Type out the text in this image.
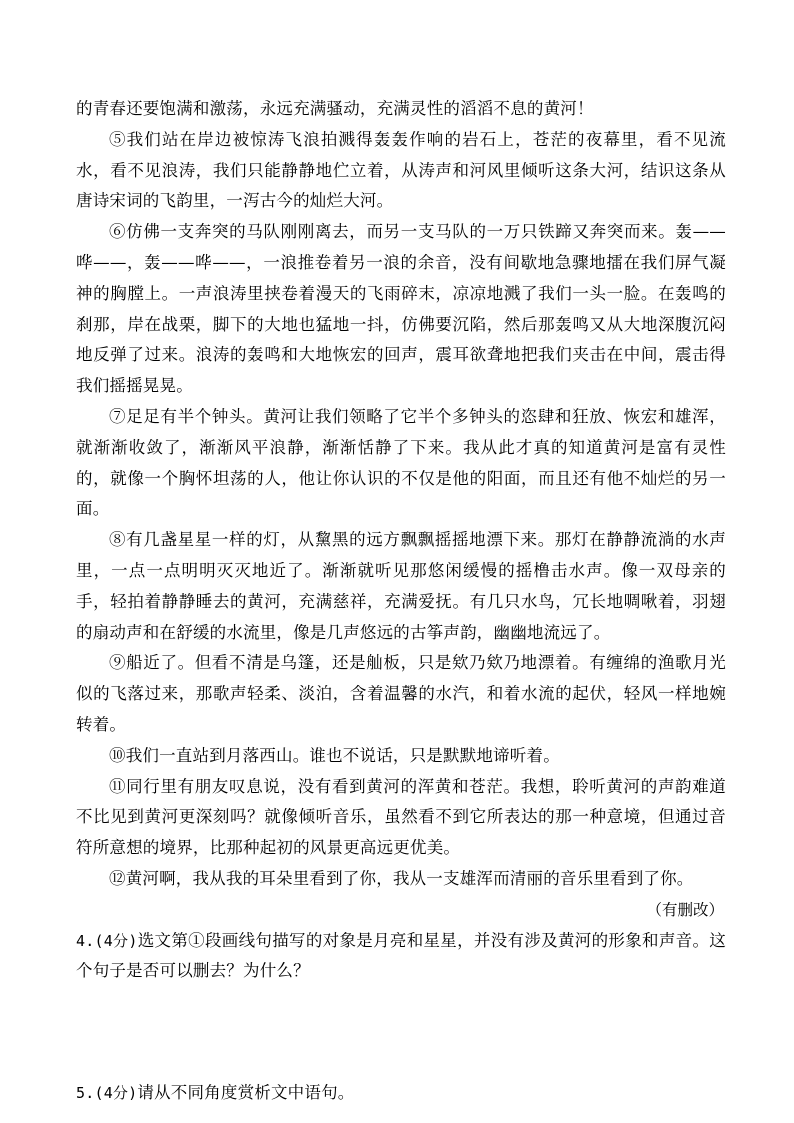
的青春还要饱满和激荡，永远充满骚动，充满灵性的滔滔不息的黄河！

⑤我们站在岸边被惊涛飞浪拍溅得轰轰作响的岩石上，苍茫的夜幕里，看不见流水，看不见浪涛，我们只能静静地伫立着，从涛声和河风里倾听这条大河，结识这条从唐诗宋词的飞韵里，一泻古今的灿烂大河。

⑥仿佛一支奔突的马队刚刚离去，而另一支马队的一万只铁蹄又奔突而来。轰——哗——，轰——哗——，一浪推卷着另一浪的余音，没有间歇地急骤地擂在我们屏气凝神的胸膛上。一声浪涛里挟卷着漫天的飞雨碎末，凉凉地溅了我们一头一脸。在轰鸣的刹那，岸在战栗，脚下的大地也猛地一抖，仿佛要沉陷，然后那轰鸣又从大地深腹沉闷地反弹了过来。浪涛的轰鸣和大地恢宏的回声，震耳欲聋地把我们夹击在中间，震击得我们摇摇晃晃。

⑦足足有半个钟头。黄河让我们领略了它半个多钟头的恣肆和狂放、恢宏和雄浑，就渐渐收敛了，渐渐风平浪静，渐渐恬静了下来。我从此才真的知道黄河是富有灵性的，就像一个胸怀坦荡的人，他让你认识的不仅是他的阳面，而且还有他不灿烂的另一面。

⑧有几盏星星一样的灯，从黧黑的远方飘飘摇摇地漂下来。那灯在静静流淌的水声里，一点一点明明灭灭地近了。渐渐就听见那悠闲缓慢的摇橹击水声。像一双母亲的手，轻拍着静静睡去的黄河，充满慈祥，充满爱抚。有几只水鸟，冗长地啁啾着，羽翅的扇动声和在舒缓的水流里，像是几声悠远的古筝声韵，幽幽地流远了。

⑨船近了。但看不清是乌篷，还是舢板，只是欸乃欸乃地漂着。有缠绵的渔歌月光似的飞落过来，那歌声轻柔、淡泊，含着温馨的水汽，和着水流的起伏，轻风一样地婉转着。

⑩我们一直站到月落西山。谁也不说话，只是默默地谛听着。

⑪同行里有朋友叹息说，没有看到黄河的浑黄和苍茫。我想，聆听黄河的声韵难道不比见到黄河更深刻吗？就像倾听音乐，虽然看不到它所表达的那一种意境，但通过音符所意想的境界，比那种起初的风景更高远更优美。

⑫黄河啊，我从我的耳朵里看到了你，我从一支雄浑而清丽的音乐里看到了你。

（有删改）

4.(4分)选文第①段画线句描写的对象是月亮和星星，并没有涉及黄河的形象和声音。这个句子是否可以删去？为什么？

5.(4分)请从不同角度赏析文中语句。
